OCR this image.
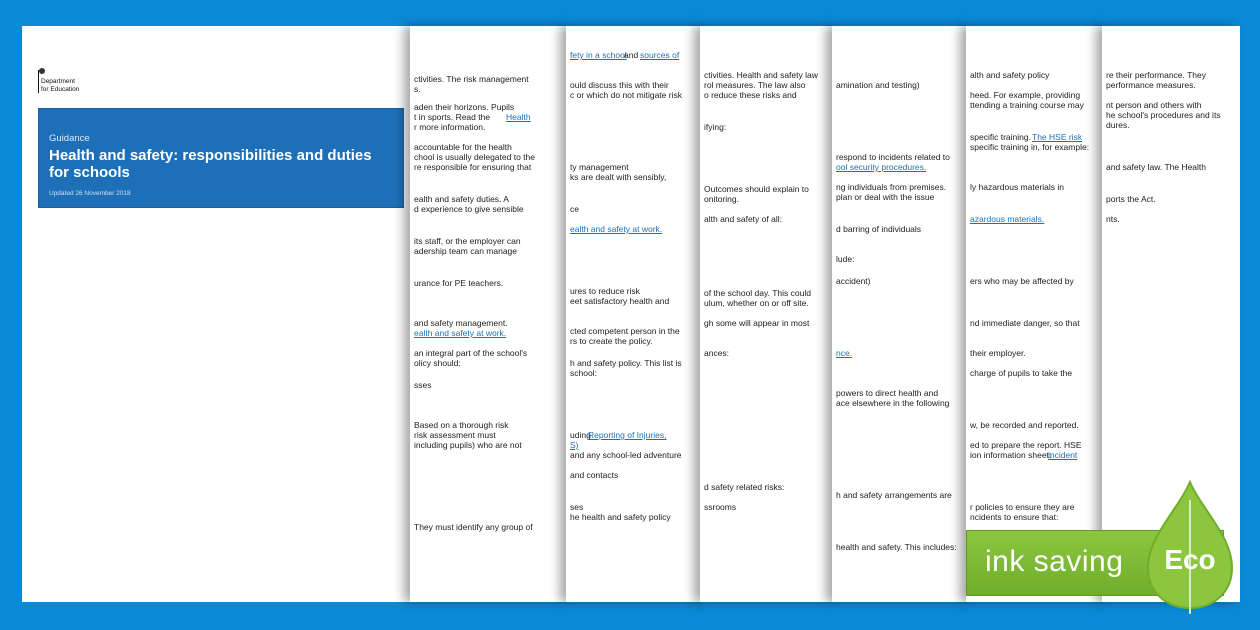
Department
for Education
Guidance
Health and safety: responsibilities and duties for schools
Updated 26 November 2018
ctivities. The risk management
s.
aden their horizons. Pupils
t in sports. Read the Health
r more information.
accountable for the health
chool is usually delegated to the
re responsible for ensuring that
ealth and safety duties. A
d experience to give sensible
its staff, or the employer can
adership team can manage
urance for PE teachers.
and safety management.
ealth and safety at work.
an integral part of the school's
olicy should:
sses
Based on a thorough risk
risk assessment must
including pupils) who are not
They must identify any group of
fety in a school
and sources of
ould discuss this with their
c or which do not mitigate risk
ty management
ks are dealt with sensibly,
ce
ealth and safety at work.
ures to reduce risk
eet satisfactory health and
cted competent person in the
rs to create the policy.
h and safety policy. This list is
school:
uding
Reporting of Injuries,
S)
and any school-led adventure
and contacts
ses
he health and safety policy
ctivities. Health and safety law
rol measures. The law also
o reduce these risks and
ifying:
Outcomes should explain to
onitoring.
alth and safety of all:
of the school day. This could
ulum, whether on or off site.
gh some will appear in most
ances:
d safety related risks:
ssrooms
amination and testing)
respond to incidents related to
ool security procedures.
ng individuals from premises.
plan or deal with the issue
d barring of individuals
lude:
accident)
nce.
powers to direct health and
ace elsewhere in the following
h and safety arrangements are
health and safety. This includes:
alth and safety policy
heed. For example, providing
ttending a training course may
specific training. The HSE risk
specific training in, for example:
ly hazardous materials in
azardous materials.
ers who may be affected by
nd immediate danger, so that
their employer.
charge of pupils to take the
w, be recorded and reported.
ed to prepare the report. HSE
ion information sheet:
incident
r policies to ensure they are
ncidents to ensure that:
re their performance. They
performance measures.
nt person and others with
he school's procedures and its
dures.
and safety law. The Health
ports the Act.
nts.
ink saving	Eco
